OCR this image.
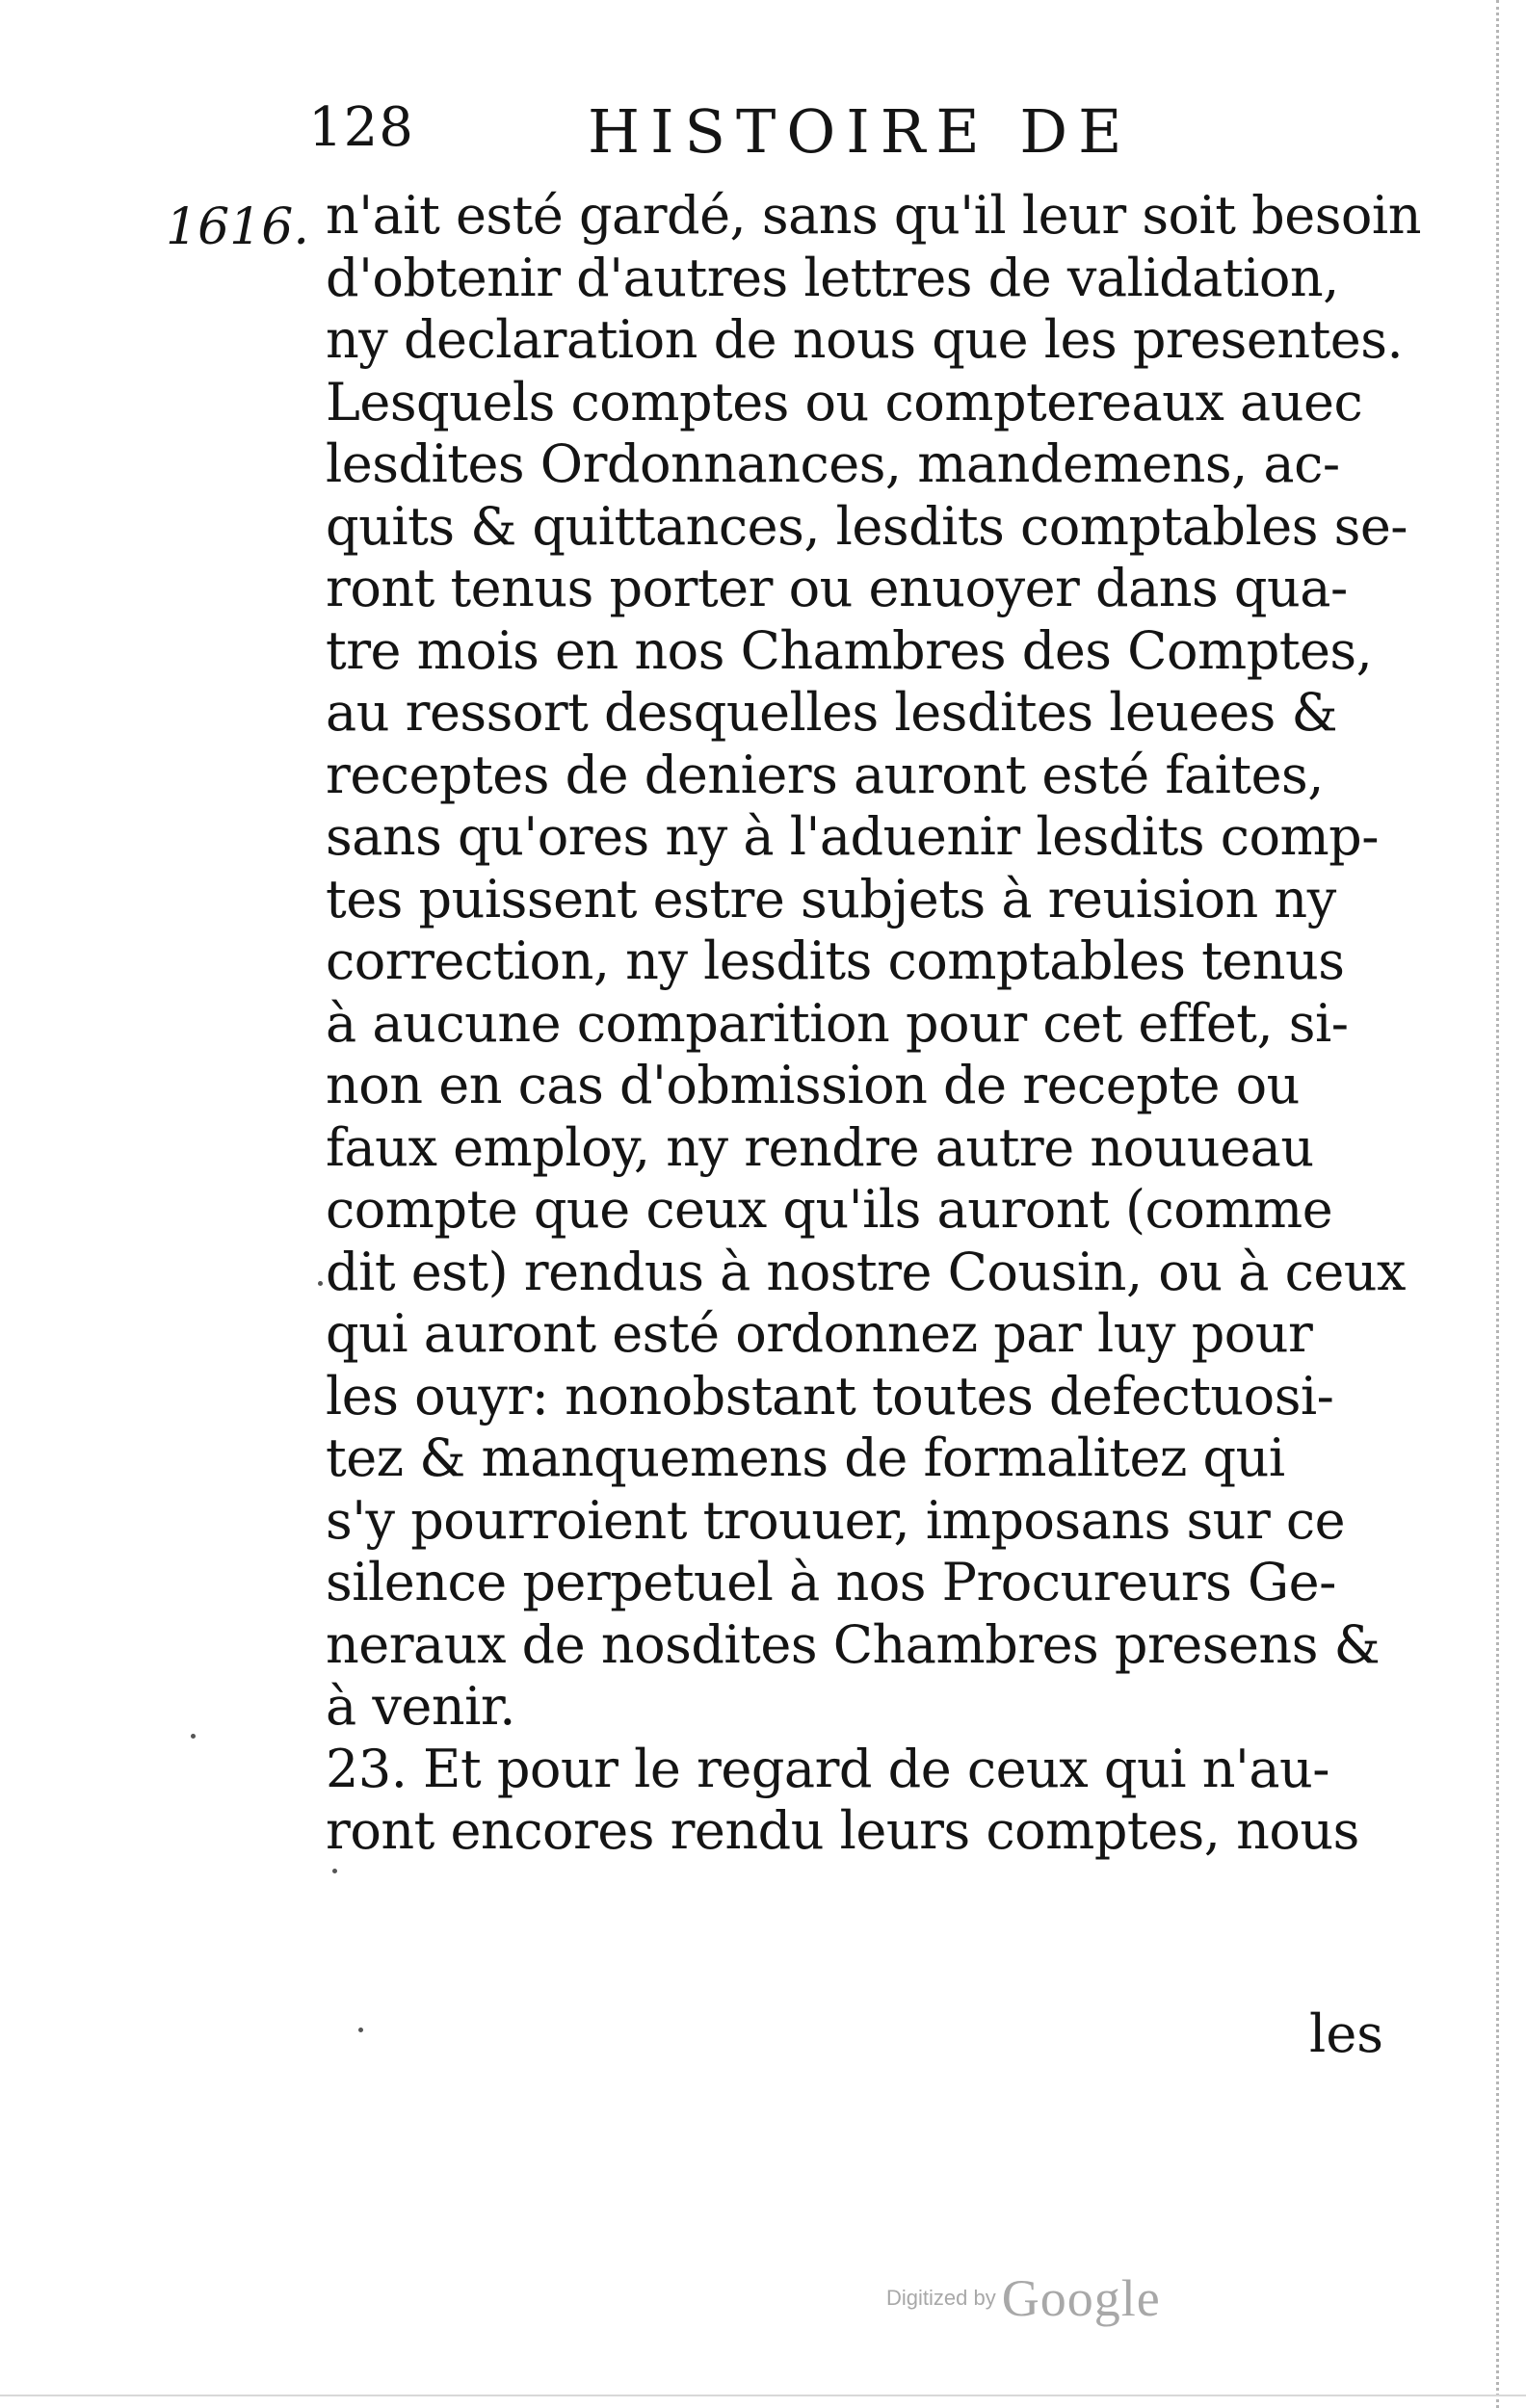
128	HISTOIRE DE
1616. n'ait esté gardé, sans qu'il leur soit besoin
d'obtenir d'autres lettres de validation,
ny declaration de nous que les presentes.
Lesquels comptes ou comptereaux auec
lesdites Ordonnances, mandemens, ac-
quits & quittances, lesdits comptables se-
ront tenus porter ou enuoyer dans qua-
tre mois en nos Chambres des Comptes,
au ressort desquelles lesdites leuees &
receptes de deniers auront esté faites,
sans qu'ores ny à l'aduenir lesdits comp-
tes puissent estre subjets à reuision ny
correction, ny lesdits comptables tenus
à aucune comparition pour cet effet, si-
non en cas d'obmission de recepte ou
faux employ, ny rendre autre nouueau
compte que ceux qu'ils auront (comme
dit est) rendus à nostre Cousin, ou à ceux
qui auront esté ordonnez par luy pour
les ouyr: nonobstant toutes defectuosi-
tez & manquemens de formalitez qui
s'y pourroient trouuer, imposans sur ce
silence perpetuel à nos Procureurs Ge-
neraux de nosdites Chambres presens &
à venir.
23. Et pour le regard de ceux qui n'au-
ront encores rendu leurs comptes, nous
les
Digitized by Google
